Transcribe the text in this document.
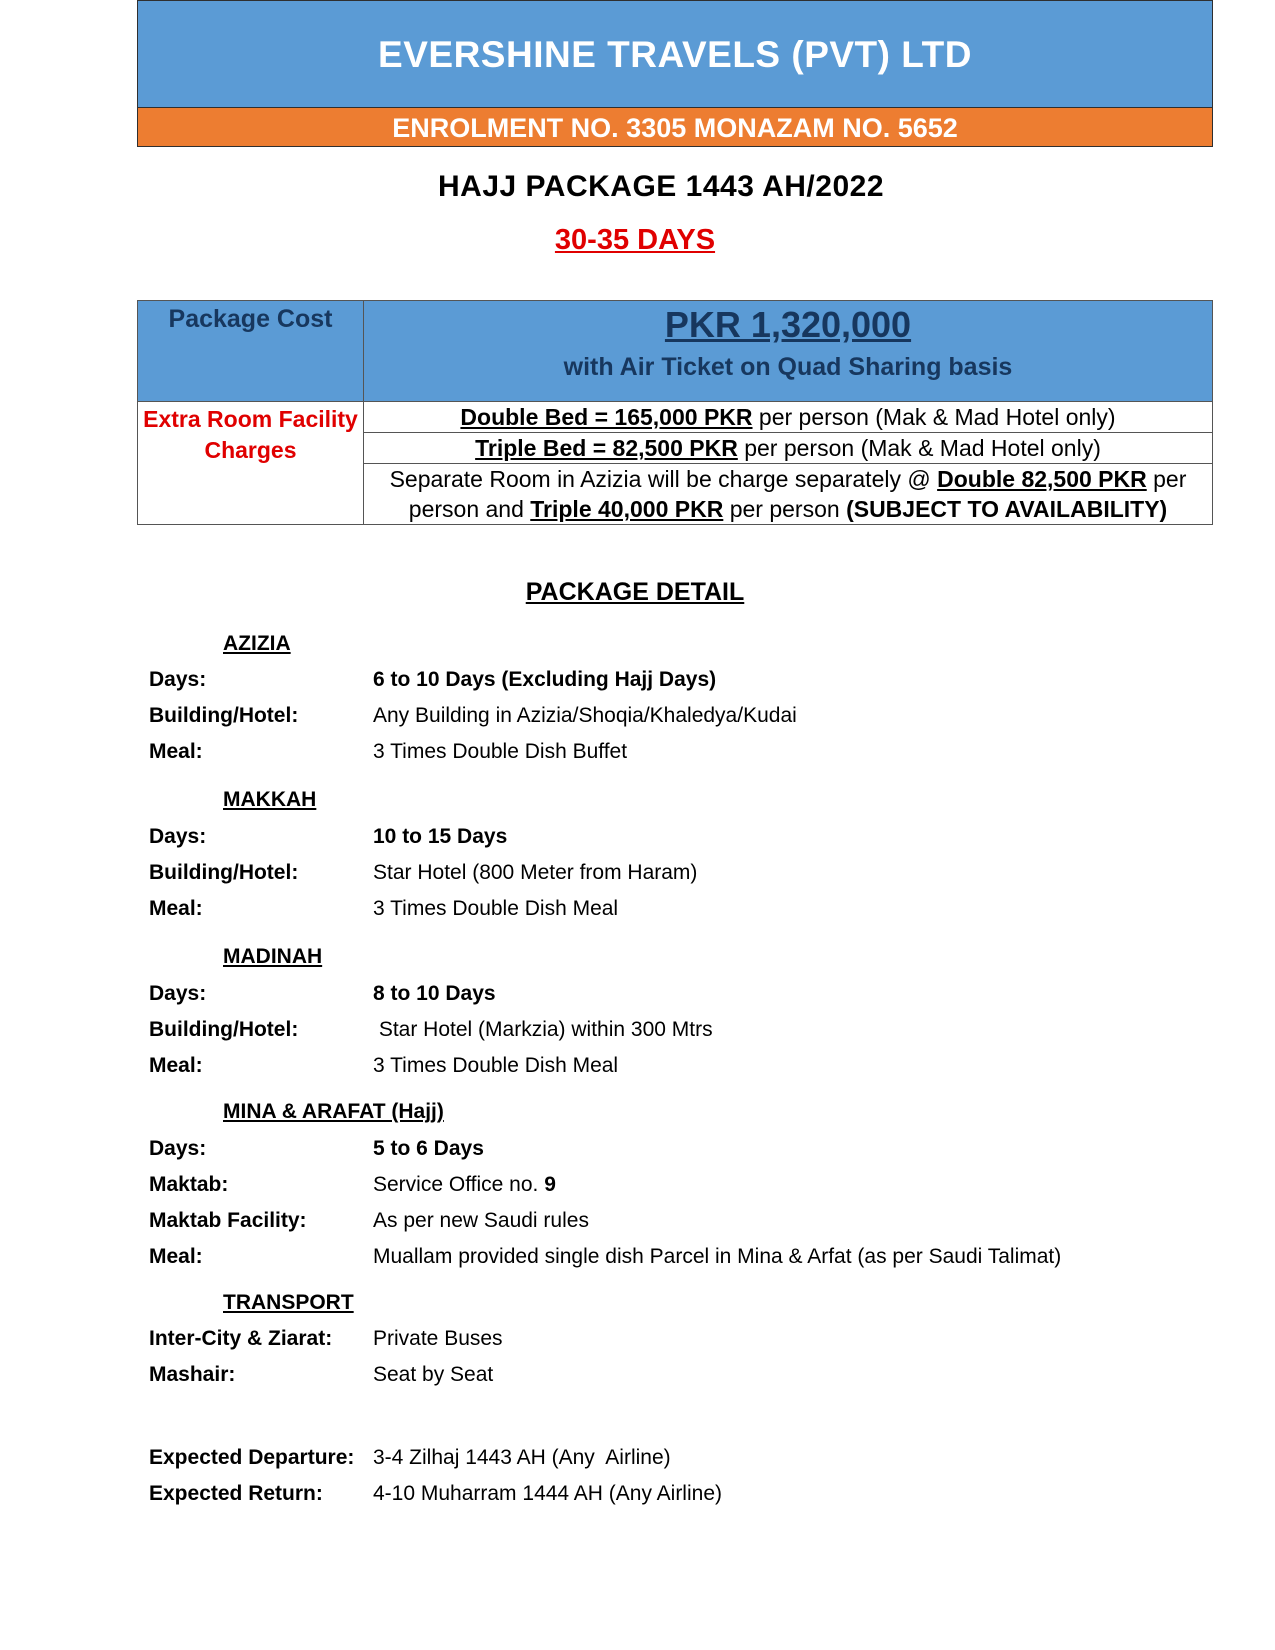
EVERSHINE TRAVELS (PVT) LTD
ENROLMENT NO. 3305 MONAZAM NO. 5652
HAJJ PACKAGE 1443 AH/2022
30-35 DAYS
Package Cost	PKR 1,320,000
with Air Ticket on Quad Sharing basis

Extra Room Facility
Charges	Double Bed = 165,000 PKR per person (Mak & Mad Hotel only)
	Triple Bed = 82,500 PKR per person (Mak & Mad Hotel only)
	Separate Room in Azizia will be charge separately @ Double 82,500 PKR per
person and Triple 40,000 PKR per person (SUBJECT TO AVAILABILITY)
PACKAGE DETAIL
AZIZIA
Days:	6 to 10 Days (Excluding Hajj Days)
Building/Hotel:	Any Building in Azizia/Shoqia/Khaledya/Kudai
Meal:	3 Times Double Dish Buffet
MAKKAH
Days:	10 to 15 Days
Building/Hotel:	Star Hotel (800 Meter from Haram)
Meal:	3 Times Double Dish Meal
MADINAH
Days:	8 to 10 Days
Building/Hotel:	Star Hotel (Markzia) within 300 Mtrs
Meal:	3 Times Double Dish Meal
MINA & ARAFAT (Hajj)
Days:	5 to 6 Days
Maktab:	Service Office no. 9
Maktab Facility:	As per new Saudi rules
Meal:	Muallam provided single dish Parcel in Mina & Arfat (as per Saudi Talimat)
TRANSPORT
Inter-City & Ziarat: Private Buses
Mashair:	Seat by Seat
Expected Departure: 3-4 Zilhaj 1443 AH (Any  Airline)
Expected Return: 4-10 Muharram 1444 AH (Any Airline)
